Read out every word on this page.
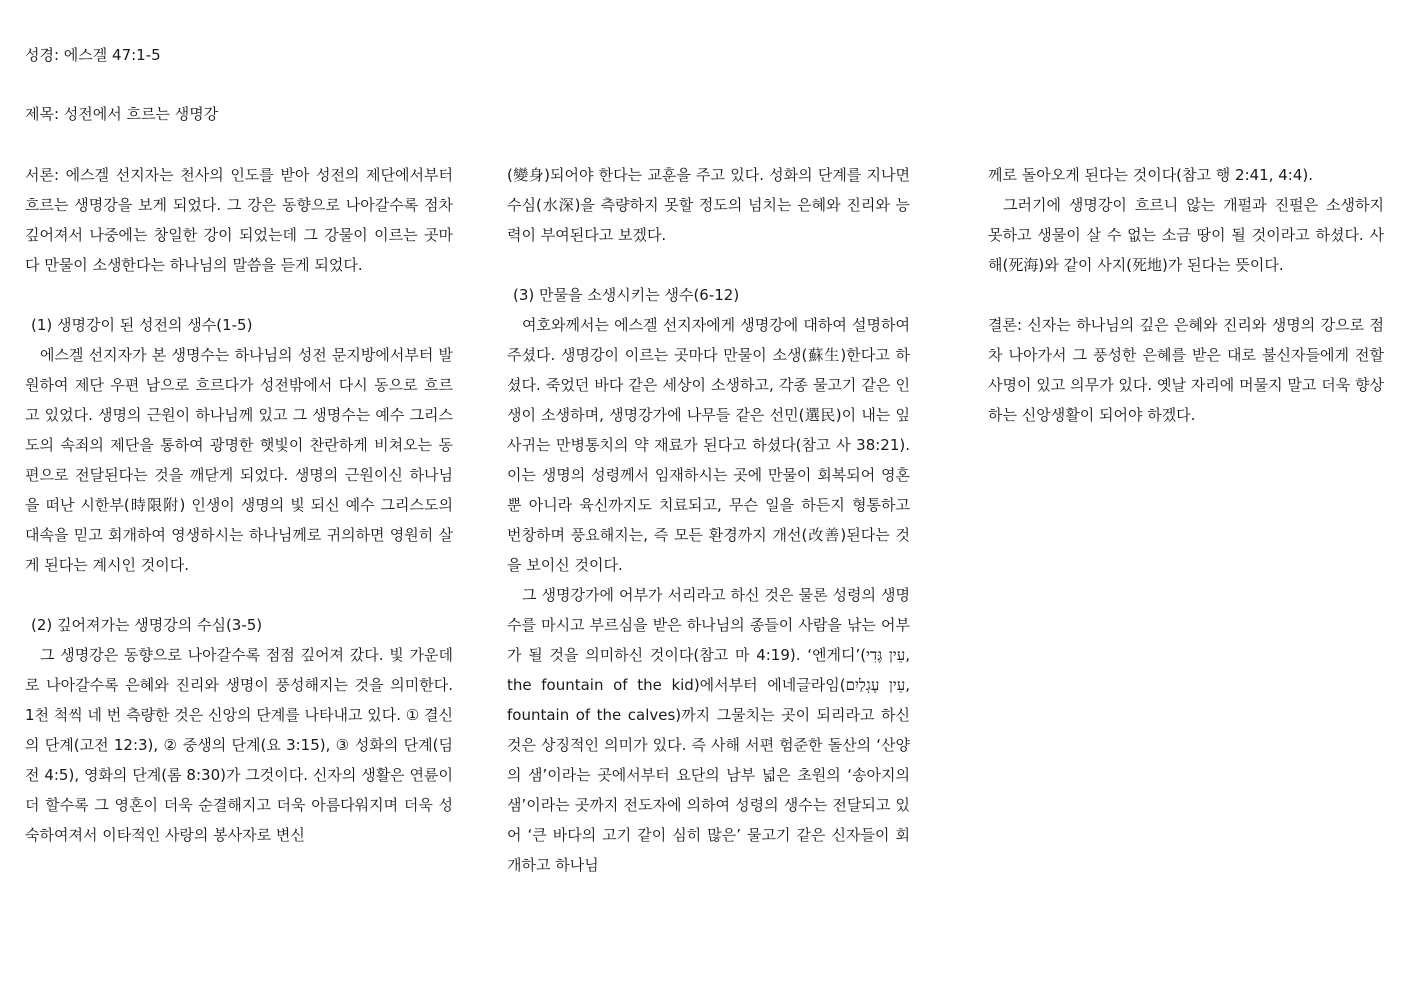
성경: 에스겔 47:1-5
제목: 성전에서 흐르는 생명강

서론: 에스겔 선지자는 천사의 인도를 받아 성전의 제단에서부터 흐르는 생명강을 보게 되었다. 그 강은 동향으로 나아갈수록 점차 깊어져서 나중에는 창일한 강이 되었는데 그 강물이 이르는 곳마다 만물이 소생한다는 하나님의 말씀을 듣게 되었다.

(1) 생명강이 된 성전의 생수(1-5)

에스겔 선지자가 본 생명수는 하나님의 성전 문지방에서부터 발원하여 제단 우편 남으로 흐르다가 성전밖에서 다시 동으로 흐르고 있었다. 생명의 근원이 하나님께 있고 그 생명수는 예수 그리스도의 속죄의 제단을 통하여 광명한 햇빛이 찬란하게 비쳐오는 동편으로 전달된다는 것을 깨닫게 되었다. 생명의 근원이신 하나님을 떠난 시한부(時限附) 인생이 생명의 빛 되신 예수 그리스도의 대속을 믿고 회개하여 영생하시는 하나님께로 귀의하면 영원히 살게 된다는 계시인 것이다.

(2) 깊어져가는 생명강의 수심(3-5)

그 생명강은 동향으로 나아갈수록 점점 깊어져 갔다. 빛 가운데로 나아갈수록 은혜와 진리와 생명이 풍성해지는 것을 의미한다. 1천 척씩 네 번 측량한 것은 신앙의 단계를 나타내고 있다. ① 결신의 단계(고전 12:3), ② 중생의 단계(요 3:15), ③ 성화의 단계(딤전 4:5), 영화의 단계(롬 8:30)가 그것이다. 신자의 생활은 연륜이 더 할수록 그 영혼이 더욱 순결해지고 더욱 아름다워지며 더욱 성숙하여져서 이타적인 사랑의 봉사자로 변신

(變身)되어야 한다는 교훈을 주고 있다. 성화의 단계를 지나면 수심(水深)을 측량하지 못할 정도의 넘치는 은혜와 진리와 능력이 부여된다고 보겠다.

(3) 만물을 소생시키는 생수(6-12)

여호와께서는 에스겔 선지자에게 생명강에 대하여 설명하여 주셨다. 생명강이 이르는 곳마다 만물이 소생(蘇生)한다고 하셨다. 죽었던 바다 같은 세상이 소생하고, 각종 물고기 같은 인생이 소생하며, 생명강가에 나무들 같은 선민(選民)이 내는 잎사귀는 만병통치의 약 재료가 된다고 하셨다(참고 사 38:21). 이는 생명의 성령께서 임재하시는 곳에 만물이 회복되어 영혼 뿐 아니라 육신까지도 치료되고, 무슨 일을 하든지 형통하고 번창하며 풍요해지는, 즉 모든 환경까지 개선(改善)된다는 것을 보이신 것이다.

그 생명강가에 어부가 서리라고 하신 것은 물론 성령의 생명수를 마시고 부르심을 받은 하나님의 종들이 사람을 낚는 어부가 될 것을 의미하신 것이다(참고 마 4:19). ‘엔게디’(עֵין גֶּדִי, the fountain of the kid)에서부터 에네글라임(עֵין עֶגְלַיִם, fountain of the calves)까지 그물치는 곳이 되리라고 하신 것은 상징적인 의미가 있다. 즉 사해 서편 험준한 돌산의 ‘산양의 샘’이라는 곳에서부터 요단의 남부 넓은 초원의 ‘송아지의 샘’이라는 곳까지 전도자에 의하여 성령의 생수는 전달되고 있어 ‘큰 바다의 고기 같이 심히 많은’ 물고기 같은 신자들이 회개하고 하나님

께로 돌아오게 된다는 것이다(참고 행 2:41, 4:4).

그러기에 생명강이 흐르니 않는 개펄과 진펄은 소생하지 못하고 생물이 살 수 없는 소금 땅이 될 것이라고 하셨다. 사해(死海)와 같이 사지(死地)가 된다는 뜻이다.

결론: 신자는 하나님의 깊은 은혜와 진리와 생명의 강으로 점차 나아가서 그 풍성한 은혜를 받은 대로 불신자들에게 전할 사명이 있고 의무가 있다. 옛날 자리에 머물지 말고 더욱 향상하는 신앙생활이 되어야 하겠다.
